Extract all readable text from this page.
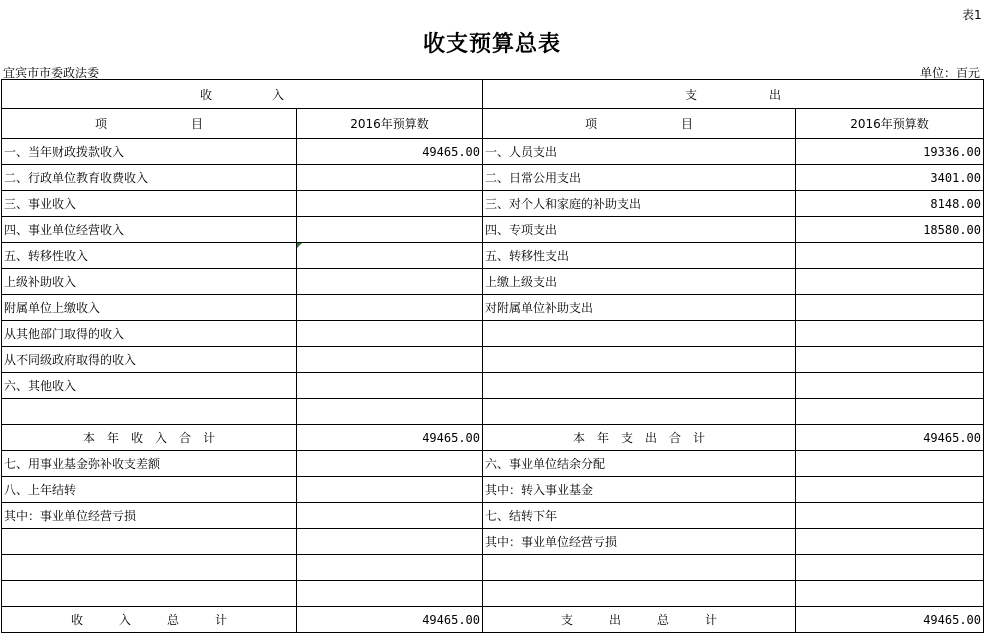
表1
收支预算总表
宜宾市市委政法委	单位：百元
收　　　　　入		支　　　　　　出	
项　　　　　　　目	2016年预算数	项　　　　　　　目	2016年预算数
一、当年财政拨款收入	49465.00	一、人员支出	19336.00
二、行政单位教育收费收入		二、日常公用支出	3401.00
三、事业收入		三、对个人和家庭的补助支出	8148.00
四、事业单位经营收入		四、专项支出	18580.00
五、转移性收入		五、转移性支出	
上级补助收入		上缴上级支出	
附属单位上缴收入		对附属单位补助支出	
从其他部门取得的收入			
从不同级政府取得的收入			
六、其他收入			

本　年　收　入　合　计	49465.00	本　年　支　出　合　计	49465.00
七、用事业基金弥补收支差额		六、事业单位结余分配	
八、上年结转		其中：转入事业基金	
其中：事业单位经营亏损		七、结转下年	
		其中：事业单位经营亏损	

收　　　入　　　总　　　计	49465.00	支　　　出　　　总　　　计	49465.00
